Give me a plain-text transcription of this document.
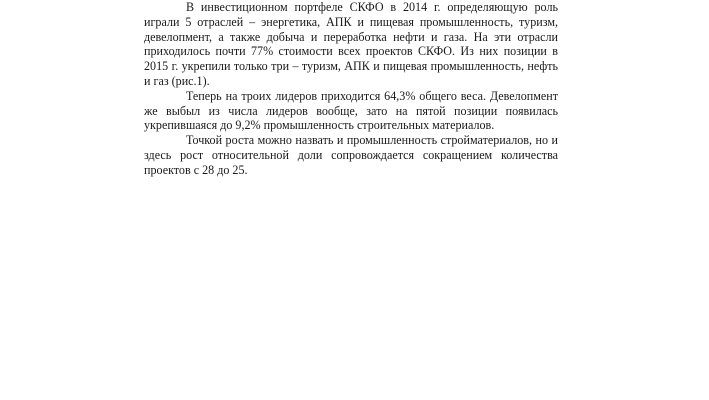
В инвестиционном портфеле СКФО в 2014 г. определяющую роль играли 5 отраслей – энергетика, АПК и пищевая промышленность, туризм, девелопмент, а также добыча и переработка нефти и газа. На эти отрасли приходилось почти 77% стоимости всех проектов СКФО. Из них позиции в 2015 г. укрепили только три – туризм, АПК и пищевая промышленность, нефть и газ (рис.1).

Теперь на троих лидеров приходится 64,3% общего веса. Девелопмент же выбыл из числа лидеров вообще, зато на пятой позиции появилась укрепившаяся до 9,2% промышленность строительных материалов.

Точкой роста можно назвать и промышленность стройматериалов, но и здесь рост относительной доли сопровождается сокращением количества проектов с 28 до 25.
